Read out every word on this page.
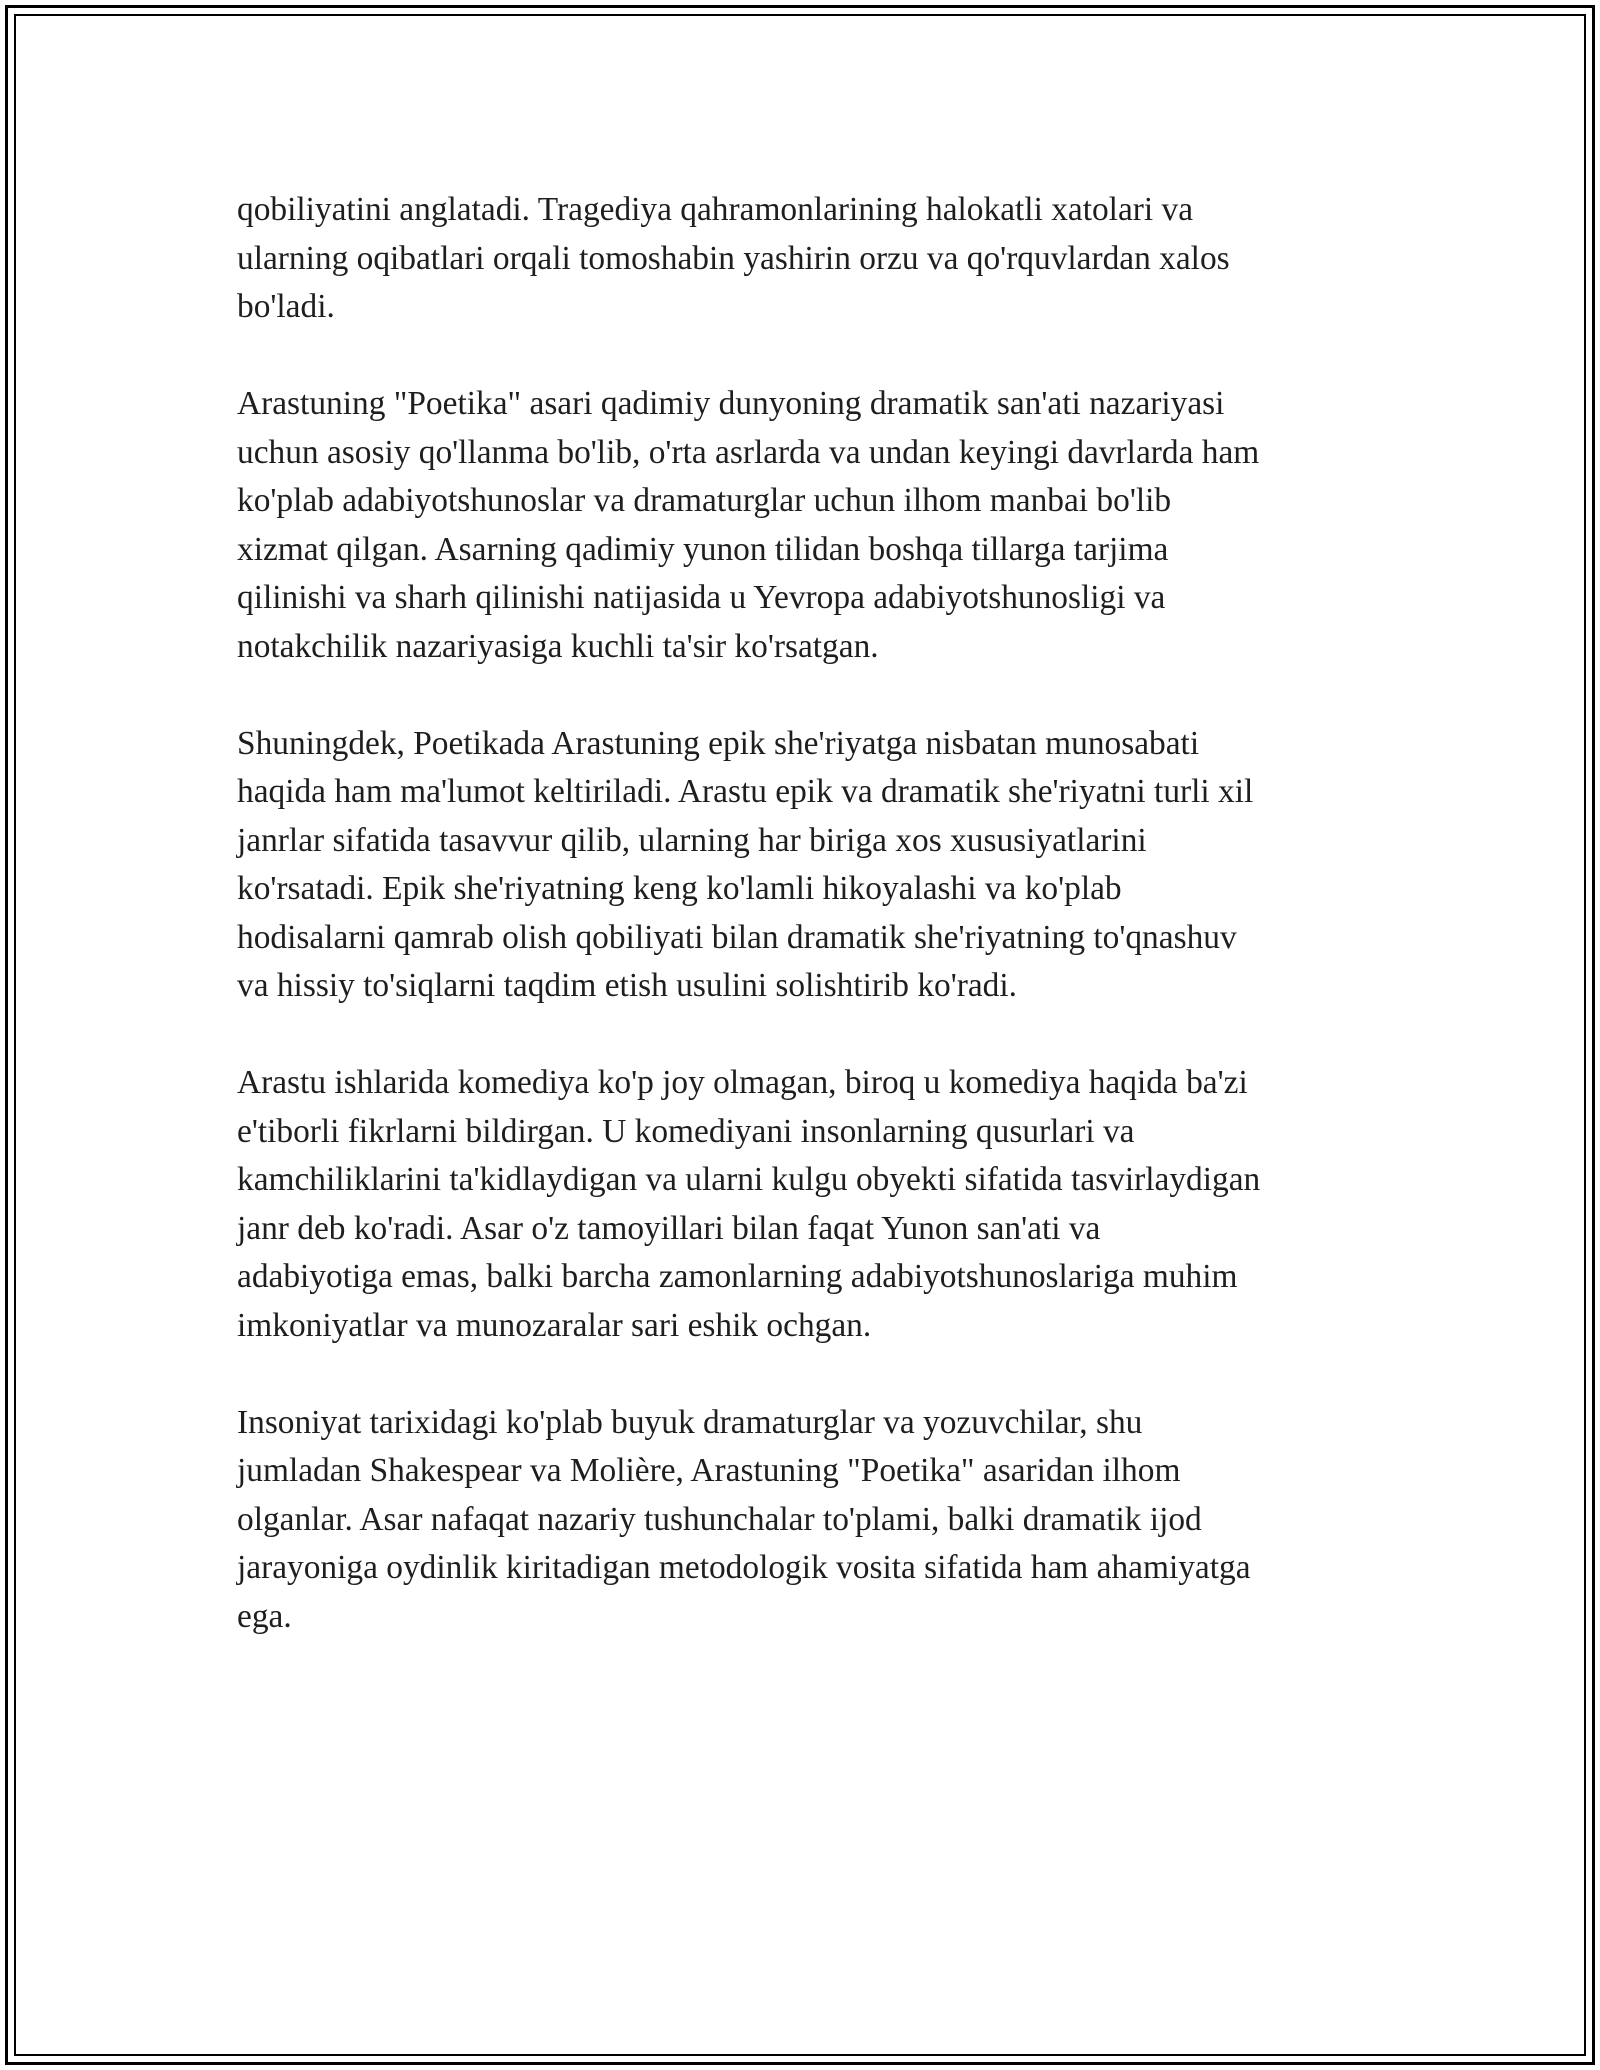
qobiliyatini anglatadi. Tragediya qahramonlarining halokatli xatolari va
ularning oqibatlari orqali tomoshabin yashirin orzu va qo'rquvlardan xalos
bo'ladi.

Arastuning "Poetika" asari qadimiy dunyoning dramatik san'ati nazariyasi
uchun asosiy qo'llanma bo'lib, o'rta asrlarda va undan keyingi davrlarda ham
ko'plab adabiyotshunoslar va dramaturglar uchun ilhom manbai bo'lib
xizmat qilgan. Asarning qadimiy yunon tilidan boshqa tillarga tarjima
qilinishi va sharh qilinishi natijasida u Yevropa adabiyotshunosligi va
notakchilik nazariyasiga kuchli ta'sir ko'rsatgan.

Shuningdek, Poetikada Arastuning epik she'riyatga nisbatan munosabati
haqida ham ma'lumot keltiriladi. Arastu epik va dramatik she'riyatni turli xil
janrlar sifatida tasavvur qilib, ularning har biriga xos xususiyatlarini
ko'rsatadi. Epik she'riyatning keng ko'lamli hikoyalashi va ko'plab
hodisalarni qamrab olish qobiliyati bilan dramatik she'riyatning to'qnashuv
va hissiy to'siqlarni taqdim etish usulini solishtirib ko'radi.

Arastu ishlarida komediya ko'p joy olmagan, biroq u komediya haqida ba'zi
e'tiborli fikrlarni bildirgan. U komediyani insonlarning qusurlari va
kamchiliklarini ta'kidlaydigan va ularni kulgu obyekti sifatida tasvirlaydigan
janr deb ko'radi. Asar o'z tamoyillari bilan faqat Yunon san'ati va
adabiyotiga emas, balki barcha zamonlarning adabiyotshunoslariga muhim
imkoniyatlar va munozaralar sari eshik ochgan.

Insoniyat tarixidagi ko'plab buyuk dramaturglar va yozuvchilar, shu
jumladan Shakespear va Molière, Arastuning "Poetika" asaridan ilhom
olganlar. Asar nafaqat nazariy tushunchalar to'plami, balki dramatik ijod
jarayoniga oydinlik kiritadigan metodologik vosita sifatida ham ahamiyatga
ega.
